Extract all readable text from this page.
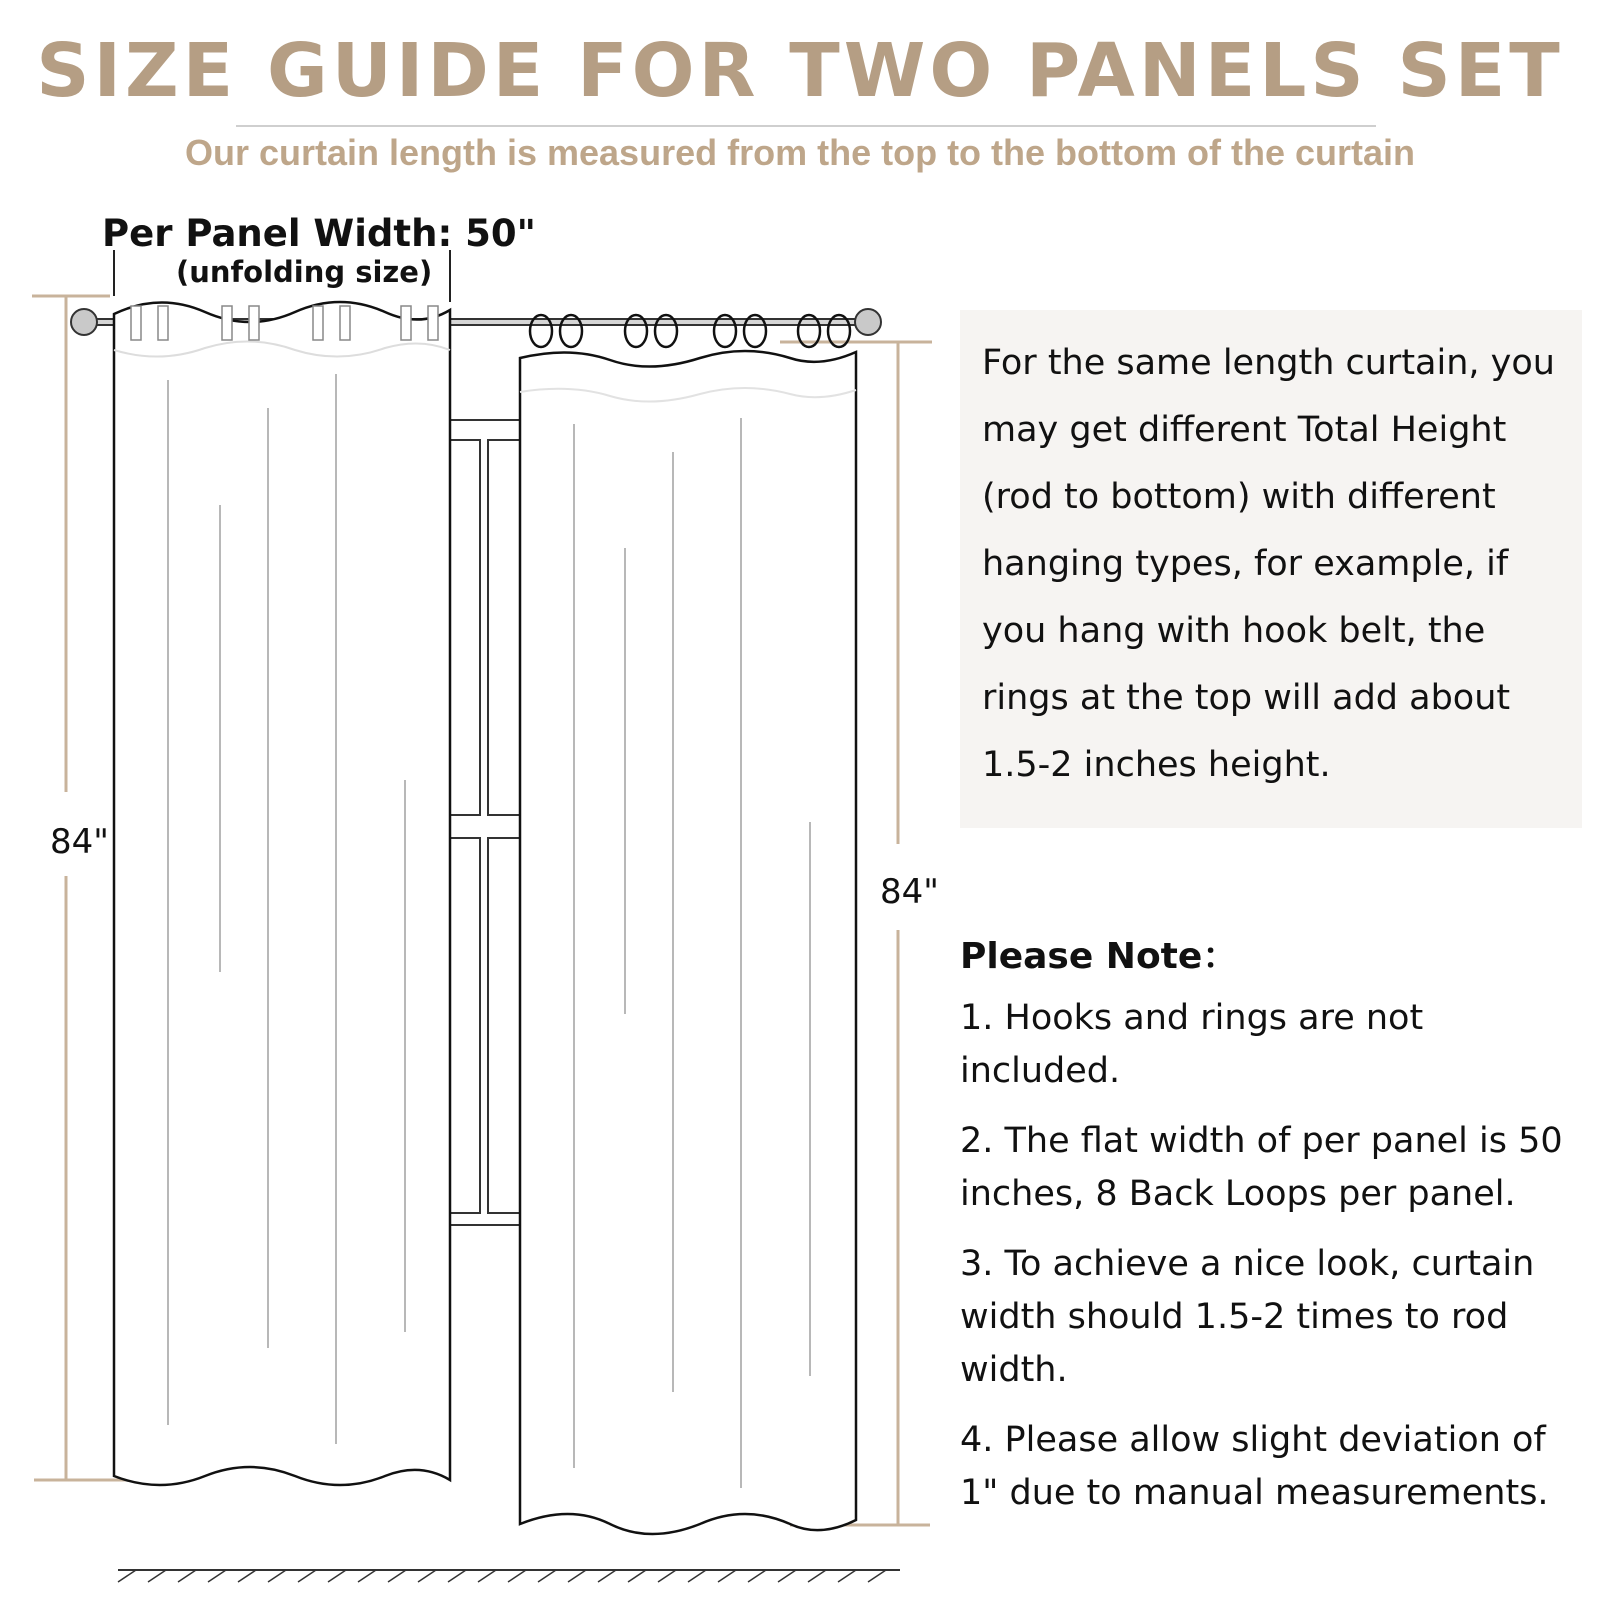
SIZE GUIDE FOR TWO PANELS SET
Our curtain length is measured from the top to the bottom of the curtain
Per Panel Width: 50"
(unfolding size)
84"
84"

For the same length curtain, you may get different Total Height (rod to bottom) with different hanging types, for example, if you hang with hook belt, the rings at the top will add about 1.5-2 inches height.

Please Note：
1. Hooks and rings are not included.
2. The flat width of per panel is 50 inches, 8 Back Loops per panel.
3. To achieve a nice look, curtain width should 1.5-2 times to rod width.
4. Please allow slight deviation of 1" due to manual measurements.
